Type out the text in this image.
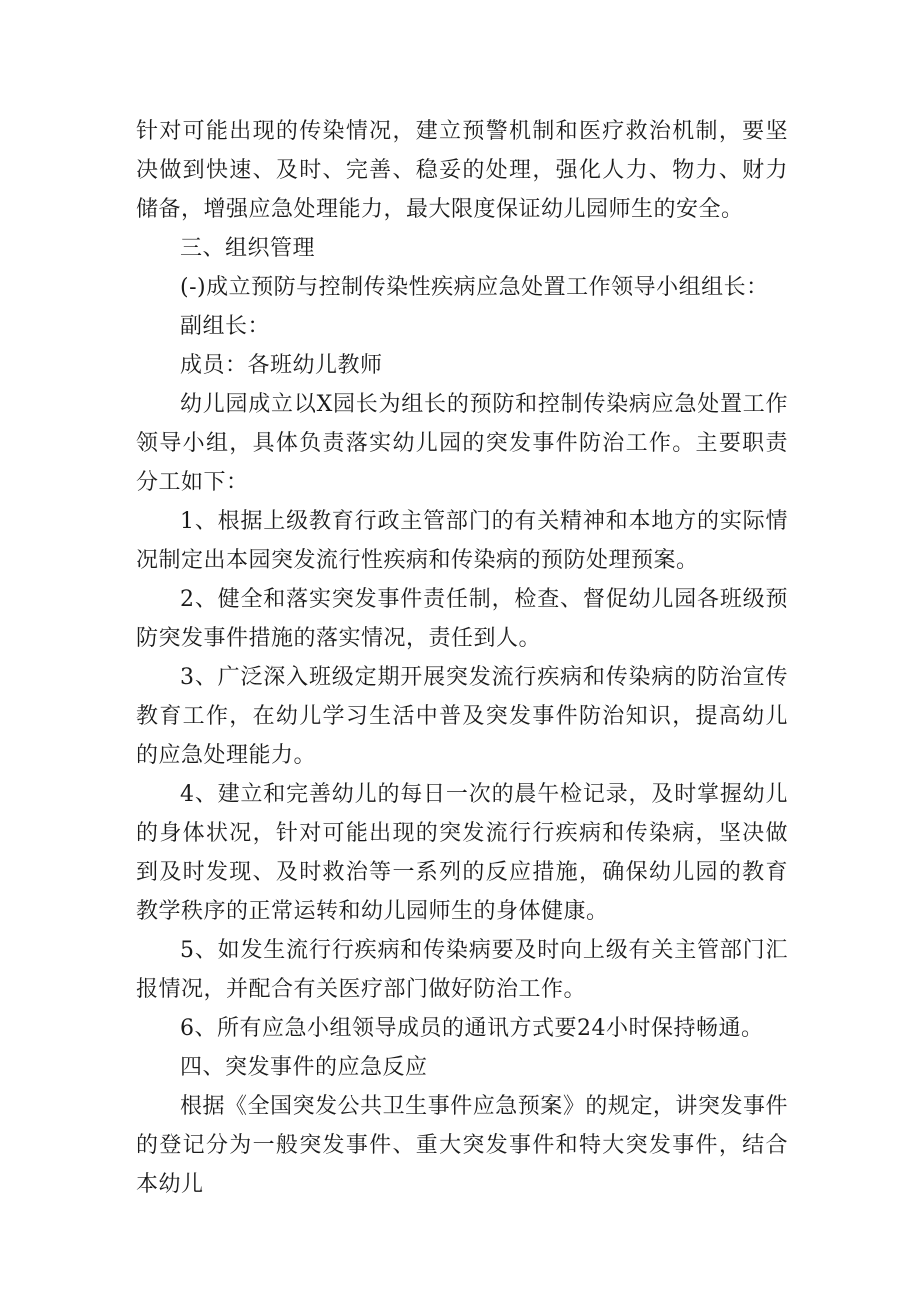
针对可能出现的传染情况，建立预警机制和医疗救治机制，要坚决做到快速、及时、完善、稳妥的处理，强化人力、物力、财力储备，增强应急处理能力，最大限度保证幼儿园师生的安全。

三、组织管理

(-)成立预防与控制传染性疾病应急处置工作领导小组组长：

副组长：

成员：各班幼儿教师

幼儿园成立以X园长为组长的预防和控制传染病应急处置工作领导小组，具体负责落实幼儿园的突发事件防治工作。主要职责分工如下：

1、根据上级教育行政主管部门的有关精神和本地方的实际情况制定出本园突发流行性疾病和传染病的预防处理预案。

2、健全和落实突发事件责任制，检查、督促幼儿园各班级预防突发事件措施的落实情况，责任到人。

3、广泛深入班级定期开展突发流行疾病和传染病的防治宣传教育工作，在幼儿学习生活中普及突发事件防治知识，提高幼儿的应急处理能力。

4、建立和完善幼儿的每日一次的晨午检记录，及时掌握幼儿的身体状况，针对可能出现的突发流行行疾病和传染病，坚决做到及时发现、及时救治等一系列的反应措施，确保幼儿园的教育教学秩序的正常运转和幼儿园师生的身体健康。

5、如发生流行行疾病和传染病要及时向上级有关主管部门汇报情况，并配合有关医疗部门做好防治工作。

6、所有应急小组领导成员的通讯方式要24小时保持畅通。

四、突发事件的应急反应

根据《全国突发公共卫生事件应急预案》的规定，讲突发事件的登记分为一般突发事件、重大突发事件和特大突发事件，结合本幼儿
